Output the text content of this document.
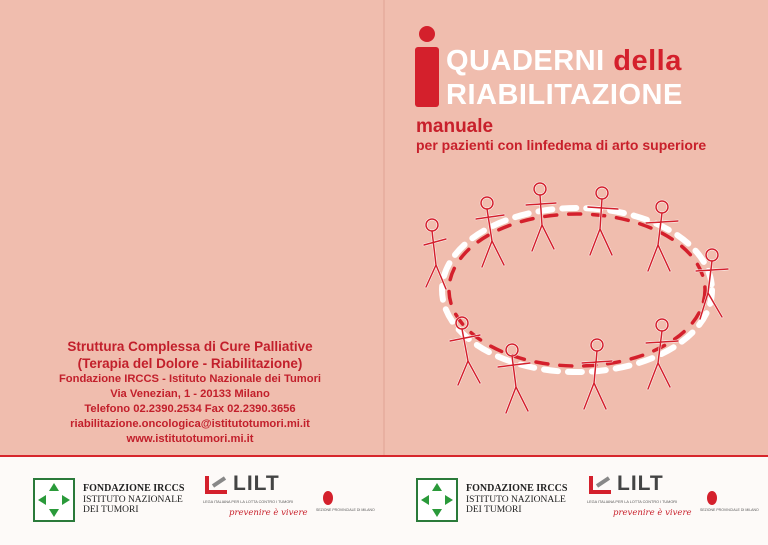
Struttura Complessa di Cure Palliative
(Terapia del Dolore - Riabilitazione)
Fondazione IRCCS - Istituto Nazionale dei Tumori
Via Venezian, 1 - 20133 Milano
Telefono 02.2390.2534 Fax 02.2390.3656
riabilitazione.oncologica@istitutotumori.mi.it
www.istitutotumori.mi.it
QUADERNI della
RIABILITAZIONE
manuale
per pazienti con linfedema di arto superiore
FONDAZIONE IRCCS
ISTITUTO NAZIONALE
DEI TUMORI
LILT
LEGA ITALIANA PER LA LOTTA CONTRO I TUMORI
prevenire è vivere SEZIONE PROVINCIALE DI MILANO
FONDAZIONE IRCCS
ISTITUTO NAZIONALE
DEI TUMORI
LILT
LEGA ITALIANA PER LA LOTTA CONTRO I TUMORI
prevenire è vivere SEZIONE PROVINCIALE DI MILANO
